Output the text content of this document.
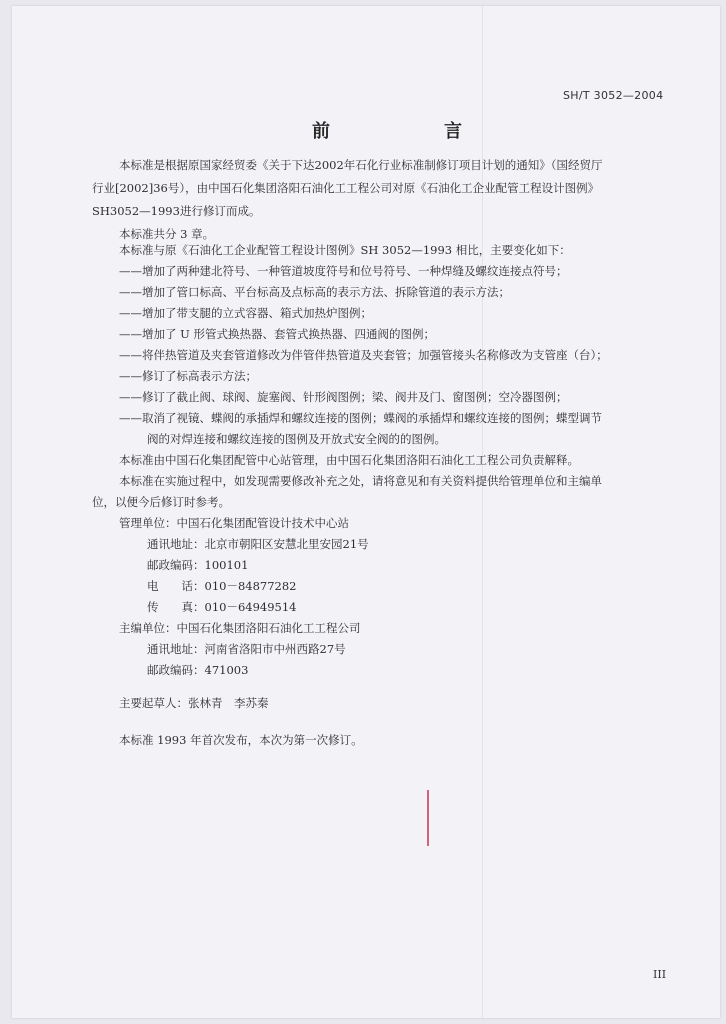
SH/T 3052—2004
前	言
本标准是根据原国家经贸委《关于下达2002年石化行业标准制修订项目计划的通知》（国经贸厅
行业[2002]36号），由中国石化集团洛阳石油化工工程公司对原《石油化工企业配管工程设计图例》
SH3052—1993进行修订而成。
本标准共分 3 章。
本标准与原《石油化工企业配管工程设计图例》SH 3052—1993 相比，主要变化如下：
——增加了两种建北符号、一种管道坡度符号和位号符号、一种焊缝及螺纹连接点符号；
——增加了管口标高、平台标高及点标高的表示方法、拆除管道的表示方法；
——增加了带支腿的立式容器、箱式加热炉图例；
——增加了 U 形管式换热器、套管式换热器、四通阀的图例；
——将伴热管道及夹套管道修改为伴管伴热管道及夹套管；加强管接头名称修改为支管座（台）；
——修订了标高表示方法；
——修订了截止阀、球阀、旋塞阀、针形阀图例；梁、阀井及门、窗图例；空冷器图例；
——取消了视镜、蝶阀的承插焊和螺纹连接的图例；蝶阀的承插焊和螺纹连接的图例；蝶型调节
阀的对焊连接和螺纹连接的图例及开放式安全阀的的图例。
本标准由中国石化集团配管中心站管理，由中国石化集团洛阳石油化工工程公司负责解释。
本标准在实施过程中，如发现需要修改补充之处，请将意见和有关资料提供给管理单位和主编单
位，以便今后修订时参考。
管理单位：中国石化集团配管设计技术中心站
通讯地址：北京市朝阳区安慧北里安园21号
邮政编码：100101
电　　话：010－84877282
传　　真：010－64949514
主编单位：中国石化集团洛阳石油化工工程公司
通讯地址：河南省洛阳市中州西路27号
邮政编码：471003
主要起草人：张林青　李苏秦
本标准 1993 年首次发布，本次为第一次修订。
III
